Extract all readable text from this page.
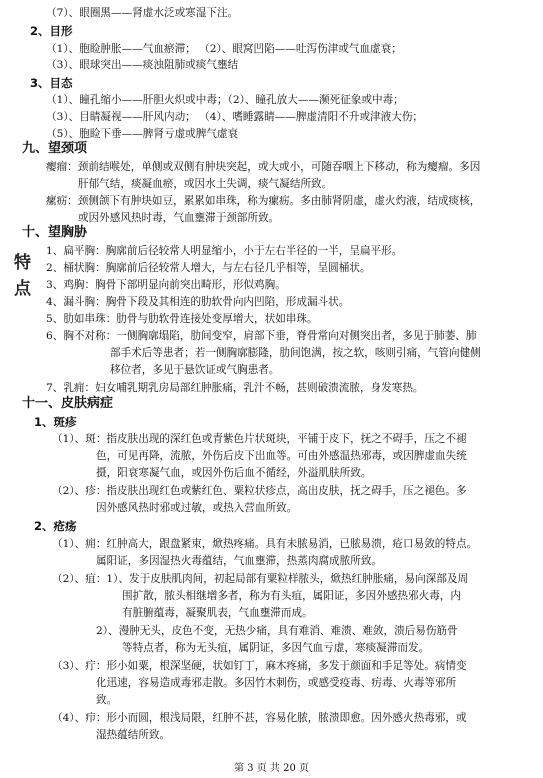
特
点
（7）、眼圈黑——肾虚水泛或寒湿下注。
2、目形
（1）、胞睑肿胀——气血瘀滞； （2）、眼窝凹陷——吐泻伤津或气血虚衰；
（3）、眼球突出——痰浊阻肺或痰气壅结
3、目态
（1）、瞳孔缩小——肝胆火炽或中毒；（2）、瞳孔放大——濒死征象或中毒；
（3）、目睛凝视——肝风内动； （4）、嗜睡露睛——脾虚清阳不升或津液大伤；
（5）、胞睑下垂——脾肾亏虚或脾气虚衰
九、望颈项
瘿瘤：颈前结喉处，单侧或双侧有肿块突起，或大或小，可随吞咽上下移动，称为瘿瘤。多因
肝郁气结，痰凝血瘀，或因水土失调，痰气凝结所致。
瘰疬：颈侧颌下有肿块如豆，累累如串珠，称为瘰疬。多由肺肾阴虚，虚火灼液，结成痰核，
或因外感风热时毒，气血壅滞于颈部所致。
十、望胸胁
1、扁平胸：胸廓前后径较常人明显缩小，小于左右半径的一半，呈扁平形。
2、桶状胸：胸廓前后径较常人增大，与左右径几乎相等，呈圆桶状。
3、鸡胸：胸骨下部明显向前突出畸形，形似鸡胸。
4、漏斗胸：胸骨下段及其相连的肋软骨向内凹陷，形成漏斗状。
5、肋如串珠：肋骨与肋软骨连接处变厚增大，状如串珠。
6、胸不对称：一侧胸廓塌陷，肋间变窄，肩部下垂，脊骨常向对侧突出者，多见于肺萎、肺
部手术后等患者；若一侧胸廓膨隆，肋间饱满，按之软，咳则引痛，气管向健侧
移位者，多见于悬饮证或气胸患者。
7、乳痈：妇女哺乳期乳房局部红肿胀痛，乳汁不畅，甚则破溃流脓，身发寒热。
十一、皮肤病症
1、斑疹
（1）、斑：指皮肤出现的深红色或青紫色片状斑块，平铺于皮下，抚之不碍手，压之不褪
色，可见再降，流脓，外伤后皮下出血等。可由外感温热邪毒，或因脾虚血失统
摄，阳衰寒凝气血，或因外伤后血不循经，外溢肌肤所致。
（2）、疹：指皮肤出现红色或紫红色、粟粒状疹点，高出皮肤，抚之碍手，压之褪色。多
因外感风热时邪或过敏，或热入营血所致。
2、疮疡
（1）、痈：红肿高大，跟盘紧束，焮热疼痛。具有未脓易消，已脓易溃，疮口易敛的特点。
属阳证，多因湿热火毒蕴结，气血壅滞，热蒸肉腐成脓所致。
（2）、疽：1）、发于皮肤肌肉间，初起局部有粟粒样脓头，焮热红肿胀痛，易向深部及周
围扩散，脓头相继增多者，称为有头疽，属阳证，多因外感热邪火毒，内
有脏腑蕴毒，凝聚肌表，气血壅滞而成。
2）、漫肿无头，皮色不变，无热少痛，具有难消、难溃、难敛，溃后易伤筋骨
等特点者，称为无头疽，属阴证，多因气血亏虚，寒痰凝滞而发。
（3）、疔：形小如粟，根深坚硬，状如钉丁，麻木疼痛，多发于颜面和手足等处。病情变
化迅速，容易造成毒邪走散。多因竹木刺伤，或感受疫毒、疠毒、火毒等邪所
致。
（4）、疖：形小而圆，根浅局限，红肿不甚，容易化脓，脓溃即愈。因外感火热毒邪，或
湿热蕴结所致。
第 3 页 共 20 页
